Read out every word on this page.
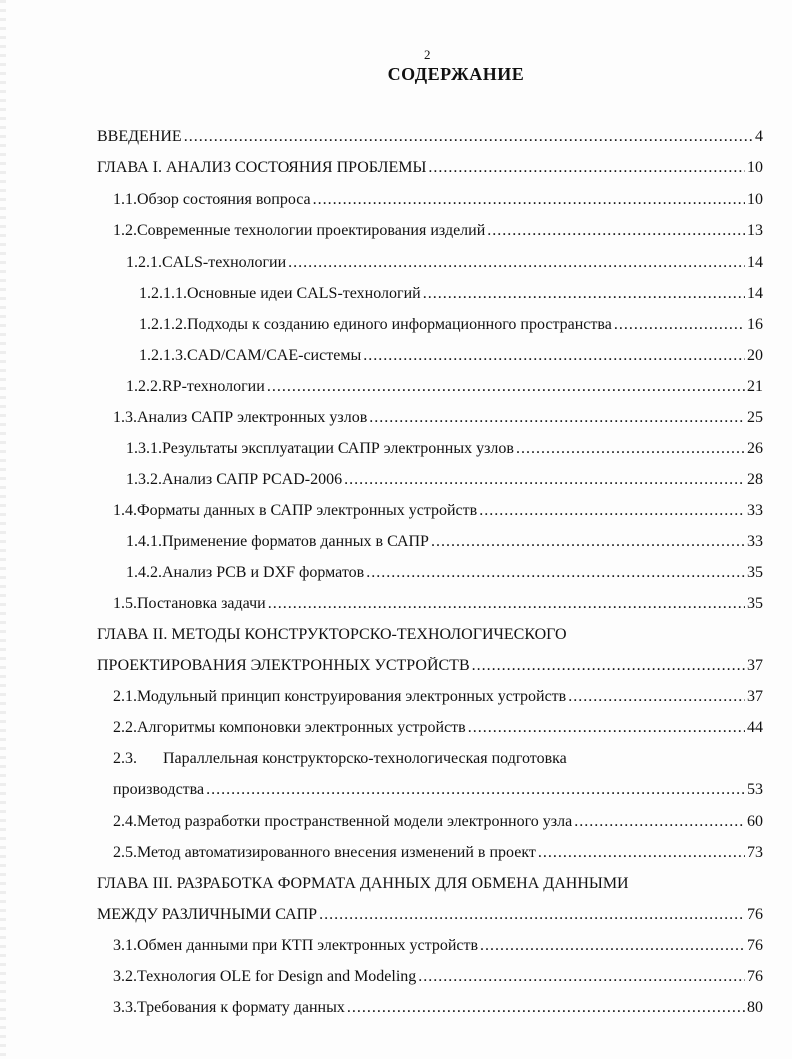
2
СОДЕРЖАНИЕ
ВВЕДЕНИЕ .....	4
ГЛАВА I. АНАЛИЗ СОСТОЯНИЯ ПРОБЛЕМЫ .....	10
1.1. Обзор состояния вопроса .....	10
1.2. Современные технологии проектирования изделий .....	13
1.2.1. CALS-технологии .....	14
1.2.1.1. Основные идеи CALS-технологий .....	14
1.2.1.2. Подходы к созданию единого информационного пространства .....	16
1.2.1.3. CAD/CAM/CAE-системы .....	20
1.2.2. RP-технологии .....	21
1.3. Анализ САПР электронных узлов .....	25
1.3.1. Результаты эксплуатации САПР электронных узлов .....	26
1.3.2. Анализ САПР PCAD-2006 .....	28
1.4. Форматы данных в САПР электронных устройств .....	33
1.4.1. Применение форматов данных в САПР .....	33
1.4.2. Анализ PCB и DXF форматов .....	35
1.5. Постановка задачи .....	35
ГЛАВА II. МЕТОДЫ КОНСТРУКТОРСКО-ТЕХНОЛОГИЧЕСКОГО
ПРОЕКТИРОВАНИЯ ЭЛЕКТРОННЫХ УСТРОЙСТВ .....	37
2.1. Модульный принцип конструирования электронных устройств .....	37
2.2. Алгоритмы компоновки электронных устройств .....	44
2.3.	Параллельная конструкторско-технологическая подготовка
производства .....	53
2.4. Метод разработки пространственной модели электронного узла .....	60
2.5. Метод автоматизированного внесения изменений в проект .....	73
ГЛАВА III. РАЗРАБОТКА ФОРМАТА ДАННЫХ ДЛЯ ОБМЕНА ДАННЫМИ
МЕЖДУ РАЗЛИЧНЫМИ САПР .....	76
3.1. Обмен данными при КТП электронных устройств .....	76
3.2. Технология OLE for Design and Modeling .....	76
3.3. Требования к формату данных .....	80
